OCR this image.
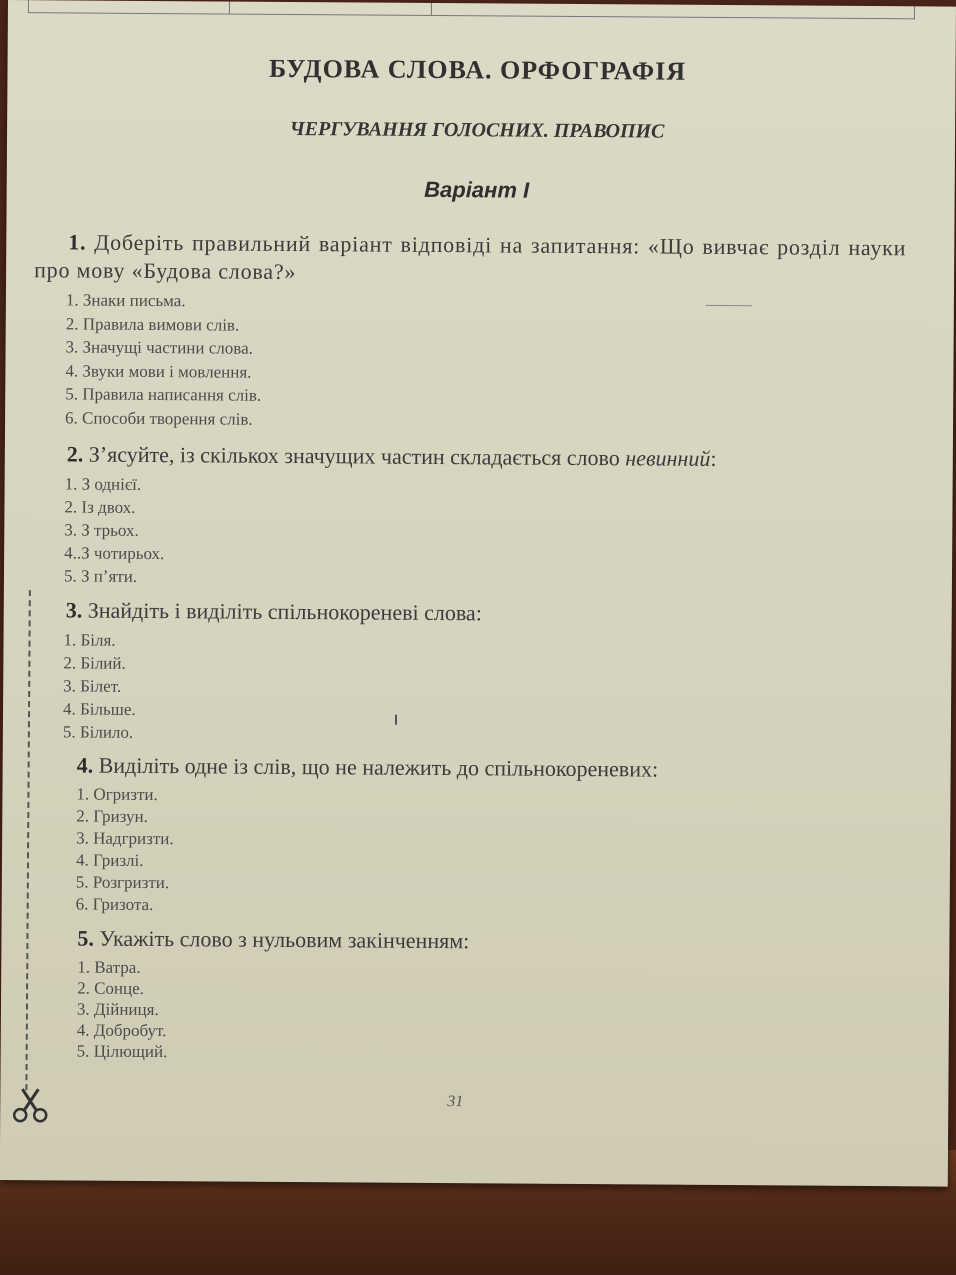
БУДОВА СЛОВА. ОРФОГРАФІЯ
ЧЕРГУВАННЯ ГОЛОСНИХ. ПРАВОПИС
Варіант І
1. Доберіть правильний варіант відповіді на запитання: «Що вивчає розділ науки про мову «Будова слова?»
1. Знаки письма.
2. Правила вимови слів.
3. Значущі частини слова.
4. Звуки мови і мовлення.
5. Правила написання слів.
6. Способи творення слів.
2. З’ясуйте, із скількох значущих частин складається слово невинний:
1. З однієї.
2. Із двох.
3. З трьох.
4..З чотирьох.
5. З п’яти.
3. Знайдіть і виділіть спільнокореневі слова:
1. Біля.
2. Білий.
3. Білет.
4. Більше.
5. Білило.
4. Виділіть одне із слів, що не належить до спільнокореневих:
1. Огризти.
2. Гризун.
3. Надгризти.
4. Гризлі.
5. Розгризти.
6. Гризота.
5. Укажіть слово з нульовим закінченням:
1. Ватра.
2. Сонце.
3. Дійниця.
4. Добробут.
5. Цілющий.
31
